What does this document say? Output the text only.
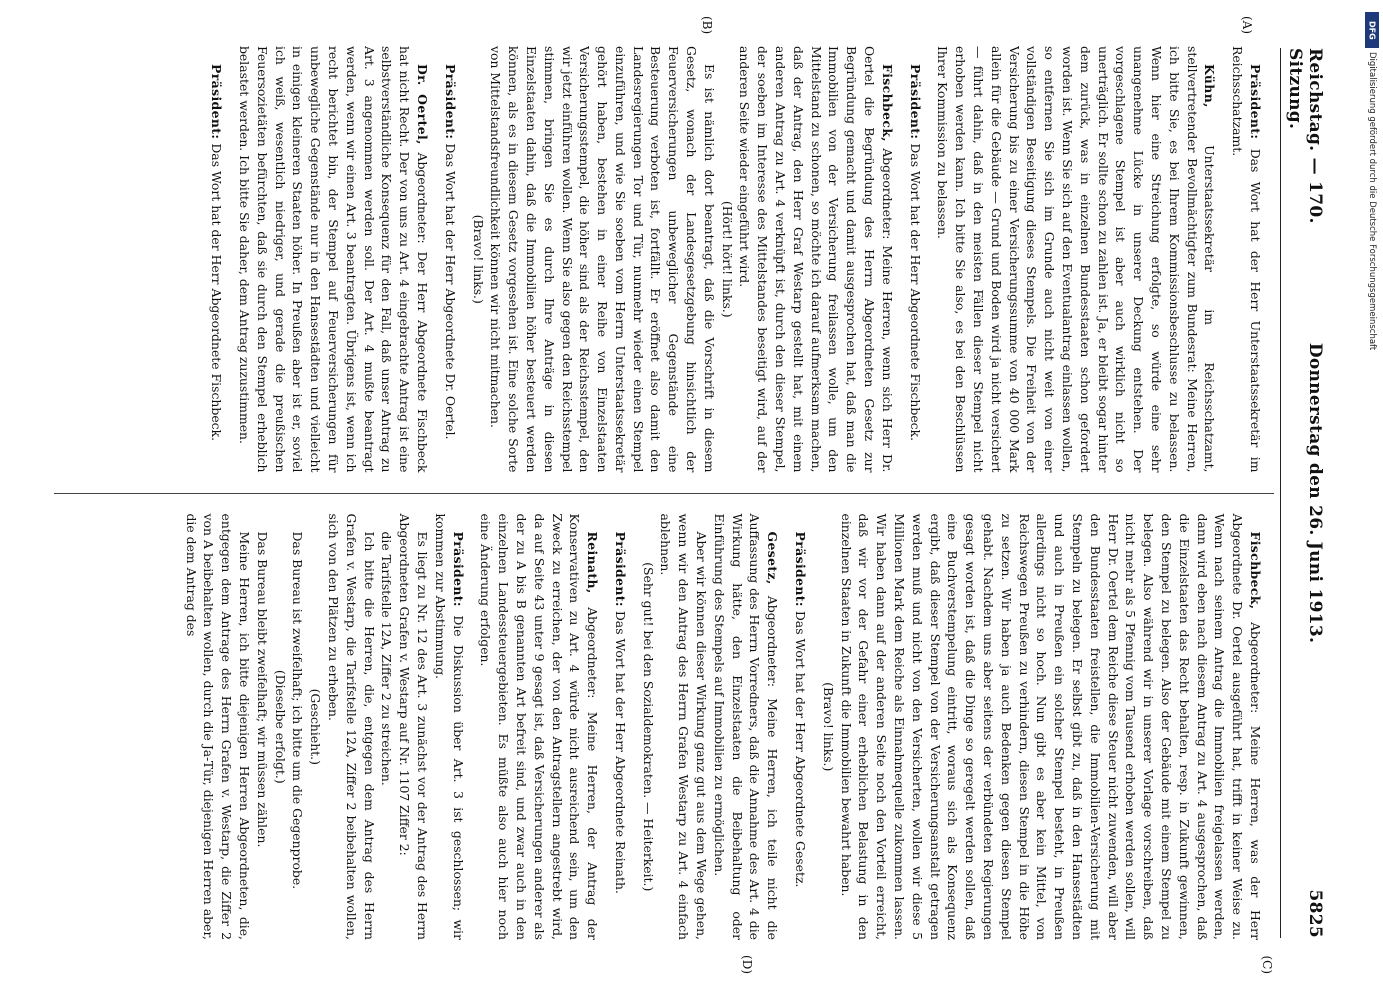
Reichstag. — 170. Sitzung.
Donnerstag den 26. Juni 1913.
5825
(A)
(B)
(C)
(D)

Präsident: Das Wort hat der Herr Unterstaatssekretär im Reichsschatzamt.

Kühn, Unterstaatssekretär im Reichsschatzamt, stellvertretender Bevollmächtigter zum Bundesrat: Meine Herren, ich bitte Sie, es bei Ihrem Kommissionsbeschlusse zu belassen. Wenn hier eine Streichung erfolgte, so würde eine sehr unangenehme Lücke in unserer Deckung entstehen. Der vorgeschlagene Stempel ist aber auch wirklich nicht so unerträglich. Er sollte schon zu zahlen ist. Ja, er bleibt sogar hinter dem zurück, was in einzelnen Bundesstaaten schon gefordert worden ist. Wenn Sie sich auf den Eventualantrag einlassen wollen, so entfernen Sie sich im Grunde auch nicht weit von einer vollständigen Beseitigung dieses Stempels. Die Freiheit von der Versicherung bis zu einer Versicherungssumme von 40 000 Mark allein für die Gebäude — Grund und Boden wird ja nicht versichert — führt dahin, daß in den meisten Fällen dieser Stempel nicht erhoben werden kann. Ich bitte Sie also, es bei den Beschlüssen Ihrer Kommission zu belassen.

Präsident: Das Wort hat der Herr Abgeordnete Fischbeck.

Fischbeck, Abgeordneter: Meine Herren, wenn sich Herr Dr. Oertel die Begründung des Herrn Abgeordneten Gesetz zur Begründung gemacht und damit ausgesprochen hat, daß man die Immobilien von der Versicherung freilassen wolle, um den Mittelstand zu schonen, so möchte ich darauf aufmerksam machen, daß der Antrag, den Herr Graf Westarp gestellt hat, mit einem anderen Antrag zu Art. 4 verknüpft ist, durch den dieser Stempel, der soeben im Interesse des Mittelstandes beseitigt wird, auf der anderen Seite wieder eingeführt wird.

(Hört! hört! links.)

Es ist nämlich dort beantragt, daß die Vorschrift in diesem Gesetz, wonach der Landesgesetzgebung hinsichtlich der Feuerversicherungen unbeweglicher Gegenstände eine Besteuerung verboten ist, fortfällt. Er eröffnet also damit den Landesregierungen Tor und Tür, nunmehr wieder einen Stempel einzuführen, und wie Sie soeben vom Herrn Unterstaatssekretär gehört haben, bestehen in einer Reihe von Einzelstaaten Versicherungsstempel, die höher sind als der Reichsstempel, den wir jetzt einführen wollen. Wenn Sie also gegen den Reichsstempel stimmen, bringen Sie es durch Ihre Anträge in diesen Einzelstaaten dahin, daß die Immobilien höher besteuert werden können, als es in diesem Gesetz vorgesehen ist. Eine solche Sorte von Mittelstandsfreundlichkeit können wir nicht mitmachen.

(Bravo! links.)

Präsident: Das Wort hat der Herr Abgeordnete Dr. Oertel.

Dr. Oertel, Abgeordneter: Der Herr Abgeordnete Fischbeck hat nicht Recht. Der von uns zu Art. 4 eingebrachte Antrag ist eine selbstverständliche Konsequenz für den Fall, daß unser Antrag zu Art. 3 angenommen werden soll. Der Art. 4 mußte beantragt werden, wenn wir einen Art. 3 beantragten. Übrigens ist, wenn ich recht berichtet bin, der Stempel auf Feuerversicherungen für unbewegliche Gegenstände nur in den Hansestädten und vielleicht in einigen kleineren Staaten höher. In Preußen aber ist er, soviel ich weiß, wesentlich niedriger, und gerade die preußischen Feuersozietäten befürchten, daß sie durch den Stempel erheblich belastet werden. Ich bitte Sie daher, dem Antrag zuzustimmen.

Präsident: Das Wort hat der Herr Abgeordnete Fischbeck.

Fischbeck, Abgeordneter: Meine Herren, was der Herr Abgeordnete Dr. Oertel ausgeführt hat, trifft in keiner Weise zu. Wenn nach seinem Antrag die Immobilien freigelassen werden, dann wird eben nach diesem Antrag zu Art. 4 ausgesprochen, daß die Einzelstaaten das Recht behalten, resp. in Zukunft gewinnen, den Stempel zu belegen. Also der Gebäude mit einem Stempel zu belegen. Also während wir in unserer Vorlage vorschreiben, daß nicht mehr als 5 Pfennig vom Tausend erhoben werden sollen, will Herr Dr. Oertel dem Reiche diese Steuer nicht zuwenden, will aber den Bundesstaaten freistellen, die Immobilien-Versicherung mit Stempeln zu belegen. Er selbst gibt zu, daß in den Hansestädten und auch in Preußen ein solcher Stempel besteht, in Preußen allerdings nicht so hoch. Nun gibt es aber kein Mittel, von Reichswegen Preußen zu verhindern, diesen Stempel in die Höhe zu setzen. Wir haben ja auch Bedenken gegen diesen Stempel gehabt. Nachdem uns aber seitens der verbündeten Regierungen gesagt worden ist, daß die Dinge so geregelt werden sollen, daß eine Buchverstempelung eintritt, woraus sich als Konsequenz ergibt, daß dieser Stempel von der Versicherungsanstalt getragen werden muß und nicht von den Versicherten, wollen wir diese 5 Millionen Mark dem Reiche als Einnahmequelle zukommen lassen. Wir haben dann auf der anderen Seite noch den Vorteil erreicht, daß wir vor der Gefahr einer erheblichen Belastung in den einzelnen Staaten in Zukunft die Immobilien bewahrt haben.

(Bravo! links.)

Präsident: Das Wort hat der Herr Abgeordnete Gesetz.

Gesetz, Abgeordneter: Meine Herren, ich teile nicht die Auffassung des Herrn Vorredners, daß die Annahme des Art. 4 die Wirkung hätte, den Einzelstaaten die Beibehaltung oder Einführung des Stempels auf Immobilien zu ermöglichen.

Aber wir können dieser Wirkung ganz gut aus dem Wege gehen, wenn wir den Antrag des Herrn Grafen Westarp zu Art. 4 einfach ablehnen.

(Sehr gut! bei den Sozialdemokraten. — Heiterkeit.)

Präsident: Das Wort hat der Herr Abgeordnete Reinath.

Reinath, Abgeordneter: Meine Herren, der Antrag der Konservativen zu Art. 4 würde nicht ausreichend sein, um den Zweck zu erreichen, der von den Antragstellern angestrebt wird, da auf Seite 43 unter 9 gesagt ist, daß Versicherungen anderer als der zu A bis B genannten Art befreit sind, und zwar auch in den einzelnen Landessteuergebieten. Es müßte also auch hier noch eine Änderung erfolgen.

Präsident: Die Diskussion über Art. 3 ist geschlossen; wir kommen zur Abstimmung.

Es liegt zu Nr. 12 des Art. 3 zunächst vor der Antrag des Herrn Abgeordneten Grafen v. Westarp auf Nr. 1107 Ziffer 2:

die Tarifstelle 12A, Ziffer 2 zu streichen.

Ich bitte die Herren, die, entgegen dem Antrag des Herrn Grafen v. Westarp, die Tarifstelle 12A, Ziffer 2 beibehalten wollen, sich von den Plätzen zu erheben.

(Geschieht.)

Das Bureau ist zweifelhaft; ich bitte um die Gegenprobe.

(Dieselbe erfolgt.)

Das Bureau bleibt zweifelhaft; wir müssen zählen.

Meine Herren, ich bitte diejenigen Herren Abgeordneten, die, entgegen dem Antrage des Herrn Grafen v. Westarp, die Ziffer 2 von A beibehalten wollen, durch die Ja-Tür, diejenigen Herren aber, die dem Antrag des

DFG
Digitalisierung gefördert durch die Deutsche Forschungsgemeinschaft
